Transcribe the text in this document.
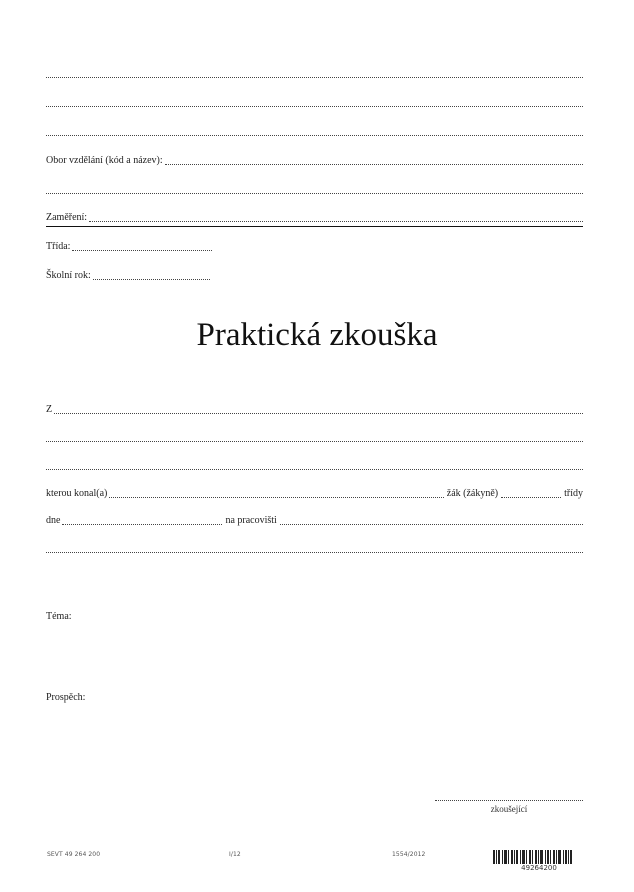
Obor vzdělání (kód a název):
Zaměření:
Třída:
Školní rok:
Praktická zkouška
Z
kterou konal(a)	žák (žákyně)	třídy
dne	na pracovišti
Téma:
Prospěch:
zkoušející
SEVT 49 264 200	I/12	1554/2012
49264200
